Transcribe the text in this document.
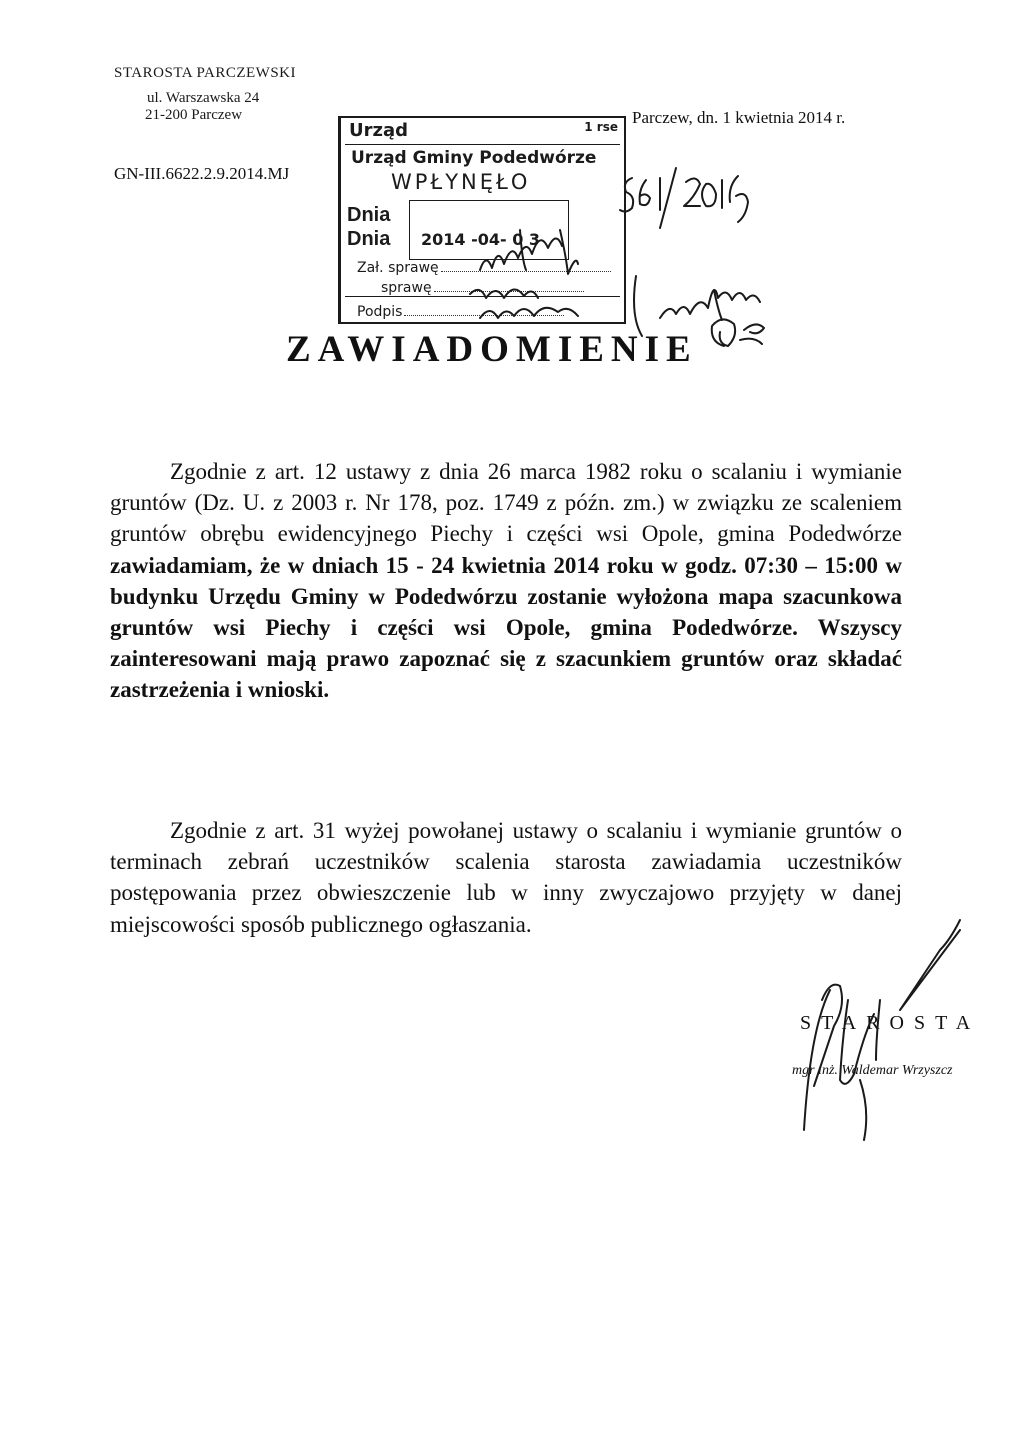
STAROSTA PARCZEWSKI
ul. Warszawska 24
21-200 Parczew
GN-III.6622.2.9.2014.MJ
Parczew, dn. 1 kwietnia 2014 r.
Urząd	1 rse
Urząd Gminy Podedwórze
WPŁYNĘŁO
Dnia
Dnia 2014 -04- 0 3
Zał. sprawę
sprawę
Podpis
ZAWIADOMIENIE
Zgodnie z art. 12 ustawy z dnia 26 marca 1982 roku o scalaniu i wymianie gruntów (Dz. U. z 2003 r. Nr 178, poz. 1749 z późn. zm.) w związku ze scaleniem gruntów obrębu ewidencyjnego Piechy i części wsi Opole, gmina Podedwórze zawiadamiam, że w dniach 15 - 24 kwietnia 2014 roku w godz. 07:30 – 15:00 w budynku Urzędu Gminy w Podedwórzu zostanie wyłożona mapa szacunkowa gruntów wsi Piechy i części wsi Opole, gmina Podedwórze. Wszyscy zainteresowani mają prawo zapoznać się z szacunkiem gruntów oraz składać zastrzeżenia i wnioski.
Zgodnie z art. 31 wyżej powołanej ustawy o scalaniu i wymianie gruntów o terminach zebrań uczestników scalenia starosta zawiadamia uczestników postępowania przez obwieszczenie lub w inny zwyczajowo przyjęty w danej miejscowości sposób publicznego ogłaszania.
STAROSTA
mgr inż. Waldemar Wrzyszcz
